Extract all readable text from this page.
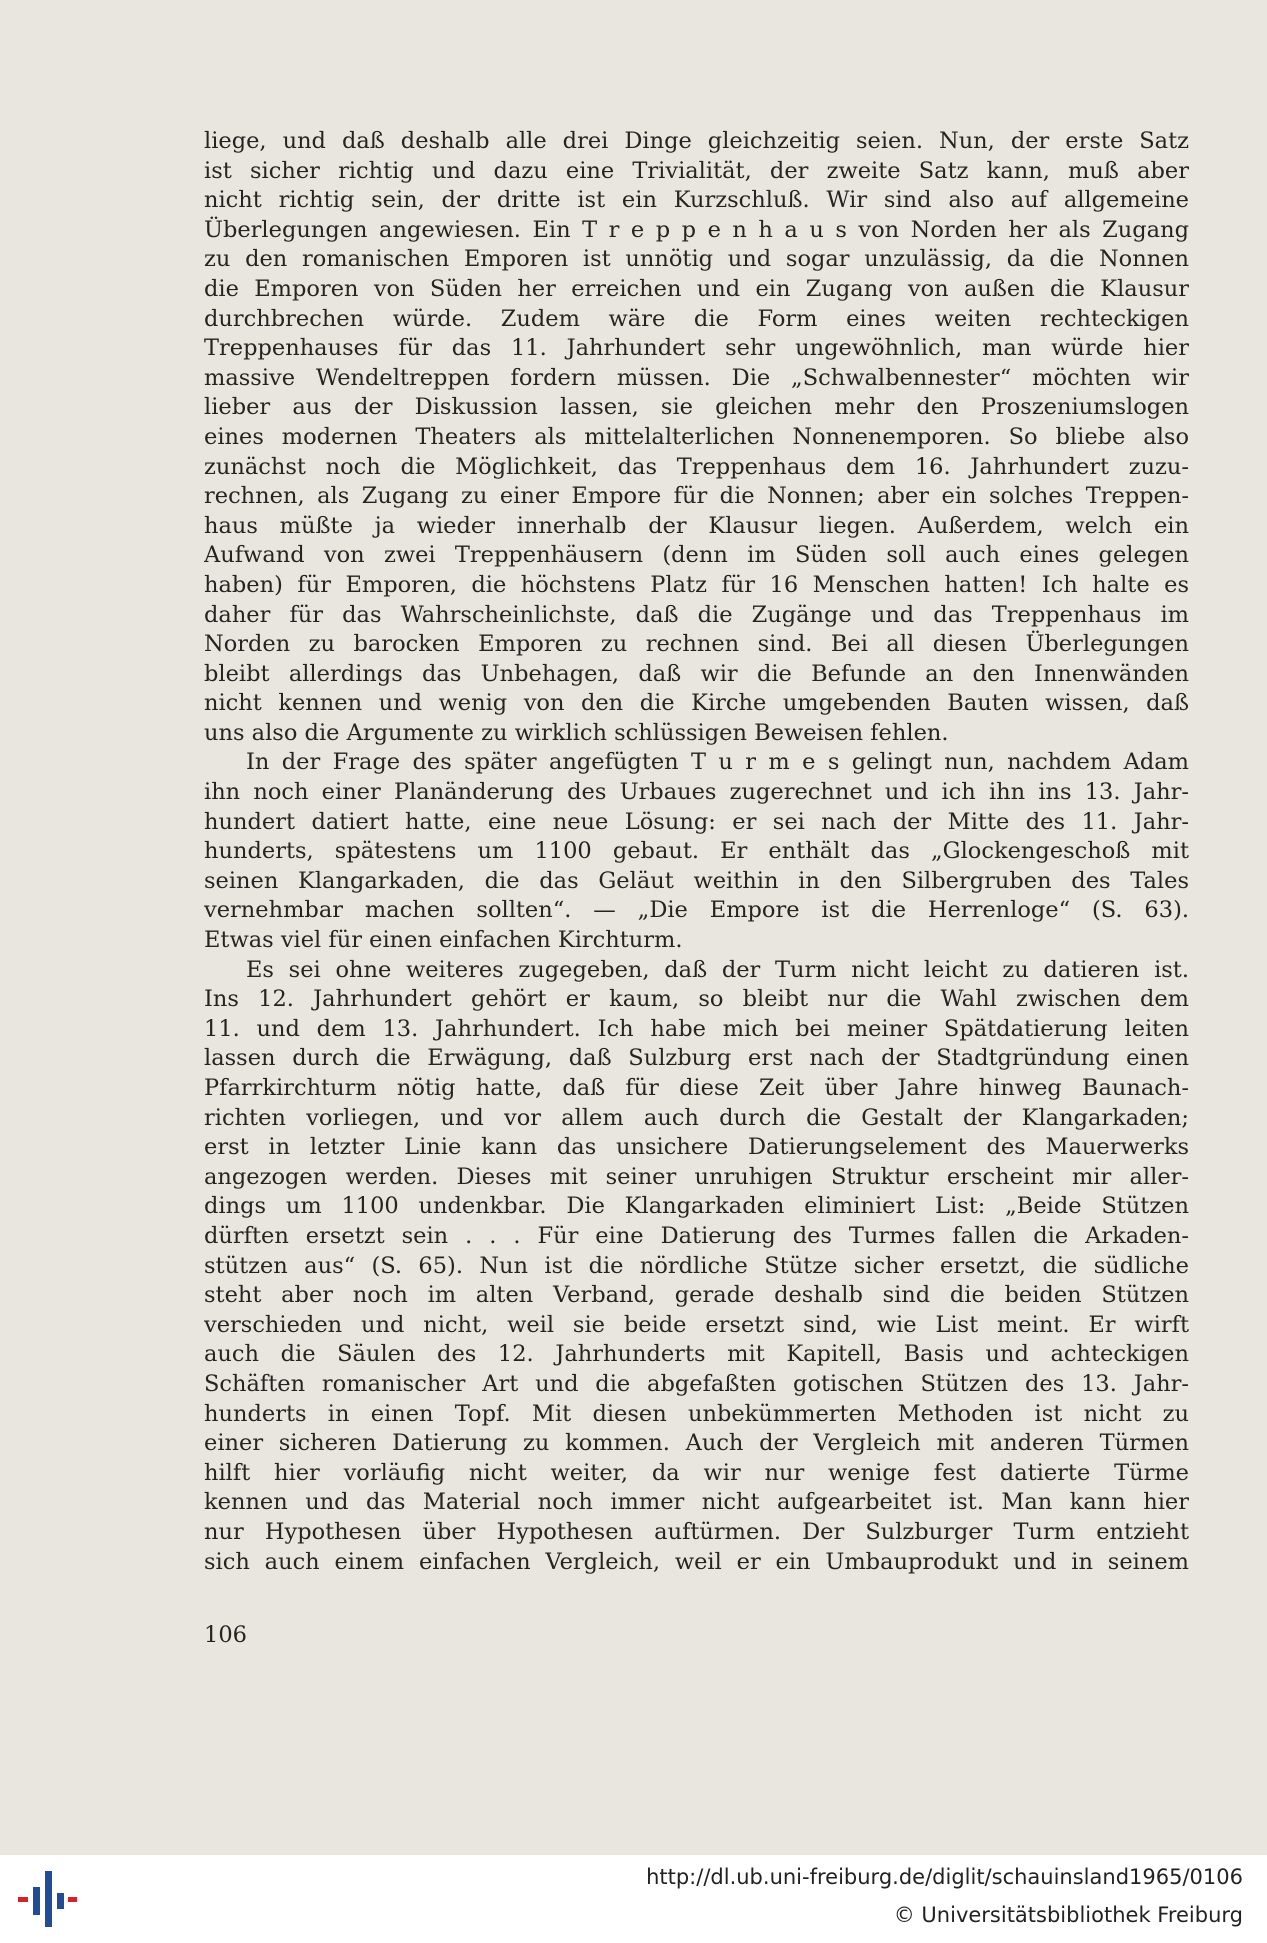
liege, und daß deshalb alle drei Dinge gleichzeitig seien. Nun, der erste Satz
ist sicher richtig und dazu eine Trivialität, der zweite Satz kann, muß aber
nicht richtig sein, der dritte ist ein Kurzschluß. Wir sind also auf allgemeine
Überlegungen angewiesen. Ein T r e p p e n h a u s von Norden her als Zugang
zu den romanischen Emporen ist unnötig und sogar unzulässig, da die Nonnen
die Emporen von Süden her erreichen und ein Zugang von außen die Klausur
durchbrechen würde. Zudem wäre die Form eines weiten rechteckigen
Treppenhauses für das 11. Jahrhundert sehr ungewöhnlich, man würde hier
massive Wendeltreppen fordern müssen. Die „Schwalbennester“ möchten wir
lieber aus der Diskussion lassen, sie gleichen mehr den Proszeniumslogen
eines modernen Theaters als mittelalterlichen Nonnenemporen. So bliebe also
zunächst noch die Möglichkeit, das Treppenhaus dem 16. Jahrhundert zuzu-
rechnen, als Zugang zu einer Empore für die Nonnen; aber ein solches Treppen-
haus müßte ja wieder innerhalb der Klausur liegen. Außerdem, welch ein
Aufwand von zwei Treppenhäusern (denn im Süden soll auch eines gelegen
haben) für Emporen, die höchstens Platz für 16 Menschen hatten! Ich halte es
daher für das Wahrscheinlichste, daß die Zugänge und das Treppenhaus im
Norden zu barocken Emporen zu rechnen sind. Bei all diesen Überlegungen
bleibt allerdings das Unbehagen, daß wir die Befunde an den Innenwänden
nicht kennen und wenig von den die Kirche umgebenden Bauten wissen, daß
uns also die Argumente zu wirklich schlüssigen Beweisen fehlen.
In der Frage des später angefügten T u r m e s gelingt nun, nachdem Adam
ihn noch einer Planänderung des Urbaues zugerechnet und ich ihn ins 13. Jahr-
hundert datiert hatte, eine neue Lösung: er sei nach der Mitte des 11. Jahr-
hunderts, spätestens um 1100 gebaut. Er enthält das „Glockengeschoß mit
seinen Klangarkaden, die das Geläut weithin in den Silbergruben des Tales
vernehmbar machen sollten“. — „Die Empore ist die Herrenloge“ (S. 63).
Etwas viel für einen einfachen Kirchturm.
Es sei ohne weiteres zugegeben, daß der Turm nicht leicht zu datieren ist.
Ins 12. Jahrhundert gehört er kaum, so bleibt nur die Wahl zwischen dem
11. und dem 13. Jahrhundert. Ich habe mich bei meiner Spätdatierung leiten
lassen durch die Erwägung, daß Sulzburg erst nach der Stadtgründung einen
Pfarrkirchturm nötig hatte, daß für diese Zeit über Jahre hinweg Baunach-
richten vorliegen, und vor allem auch durch die Gestalt der Klangarkaden;
erst in letzter Linie kann das unsichere Datierungselement des Mauerwerks
angezogen werden. Dieses mit seiner unruhigen Struktur erscheint mir aller-
dings um 1100 undenkbar. Die Klangarkaden eliminiert List: „Beide Stützen
dürften ersetzt sein . . . Für eine Datierung des Turmes fallen die Arkaden-
stützen aus“ (S. 65). Nun ist die nördliche Stütze sicher ersetzt, die südliche
steht aber noch im alten Verband, gerade deshalb sind die beiden Stützen
verschieden und nicht, weil sie beide ersetzt sind, wie List meint. Er wirft
auch die Säulen des 12. Jahrhunderts mit Kapitell, Basis und achteckigen
Schäften romanischer Art und die abgefaßten gotischen Stützen des 13. Jahr-
hunderts in einen Topf. Mit diesen unbekümmerten Methoden ist nicht zu
einer sicheren Datierung zu kommen. Auch der Vergleich mit anderen Türmen
hilft hier vorläufig nicht weiter, da wir nur wenige fest datierte Türme
kennen und das Material noch immer nicht aufgearbeitet ist. Man kann hier
nur Hypothesen über Hypothesen auftürmen. Der Sulzburger Turm entzieht
sich auch einem einfachen Vergleich, weil er ein Umbauprodukt und in seinem
106
http://dl.ub.uni-freiburg.de/diglit/schauinsland1965/0106
© Universitätsbibliothek Freiburg
